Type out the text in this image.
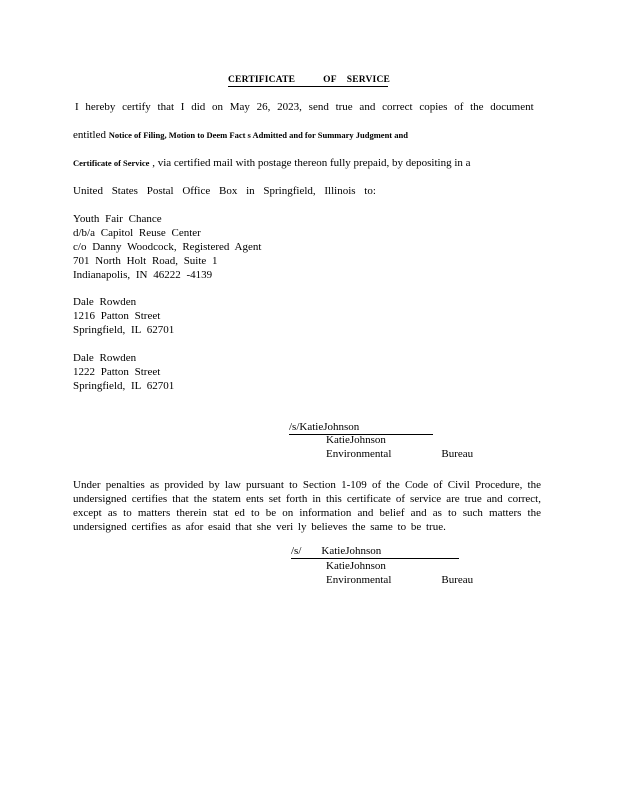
CERTIFICATE	OF SERVICE
I hereby certify that I did on May 26, 2023, send true and correct copies of the document
entitled Notice of Filing, Motion to Deem Fact s Admitted and for Summary Judgment and
Certificate of Service , via certified mail with postage thereon fully prepaid, by depositing in a
United States Postal Office Box in Springfield, Illinois to:
Youth Fair Chance
d/b/a Capitol Reuse Center
c/o Danny Woodcock, Registered Agent
701 North Holt Road, Suite 1
Indianapolis, IN 46222 -4139
Dale Rowden
1216 Patton Street
Springfield, IL 62701
Dale Rowden
1222 Patton Street
Springfield, IL 62701
/s/KatieJohnson
KatieJohnson
Environmental	Bureau
Under penalties as provided by law pursuant to Section 1-109 of the Code of Civil Procedure, the undersigned certifies that the statem ents set forth in this certificate of service are true and correct, except as to matters therein stat ed to be on information and belief and as to such matters the undersigned certifies as afor esaid that she veri ly believes the same to be true.
/s/ KatieJohnson
KatieJohnson
Environmental	Bureau
